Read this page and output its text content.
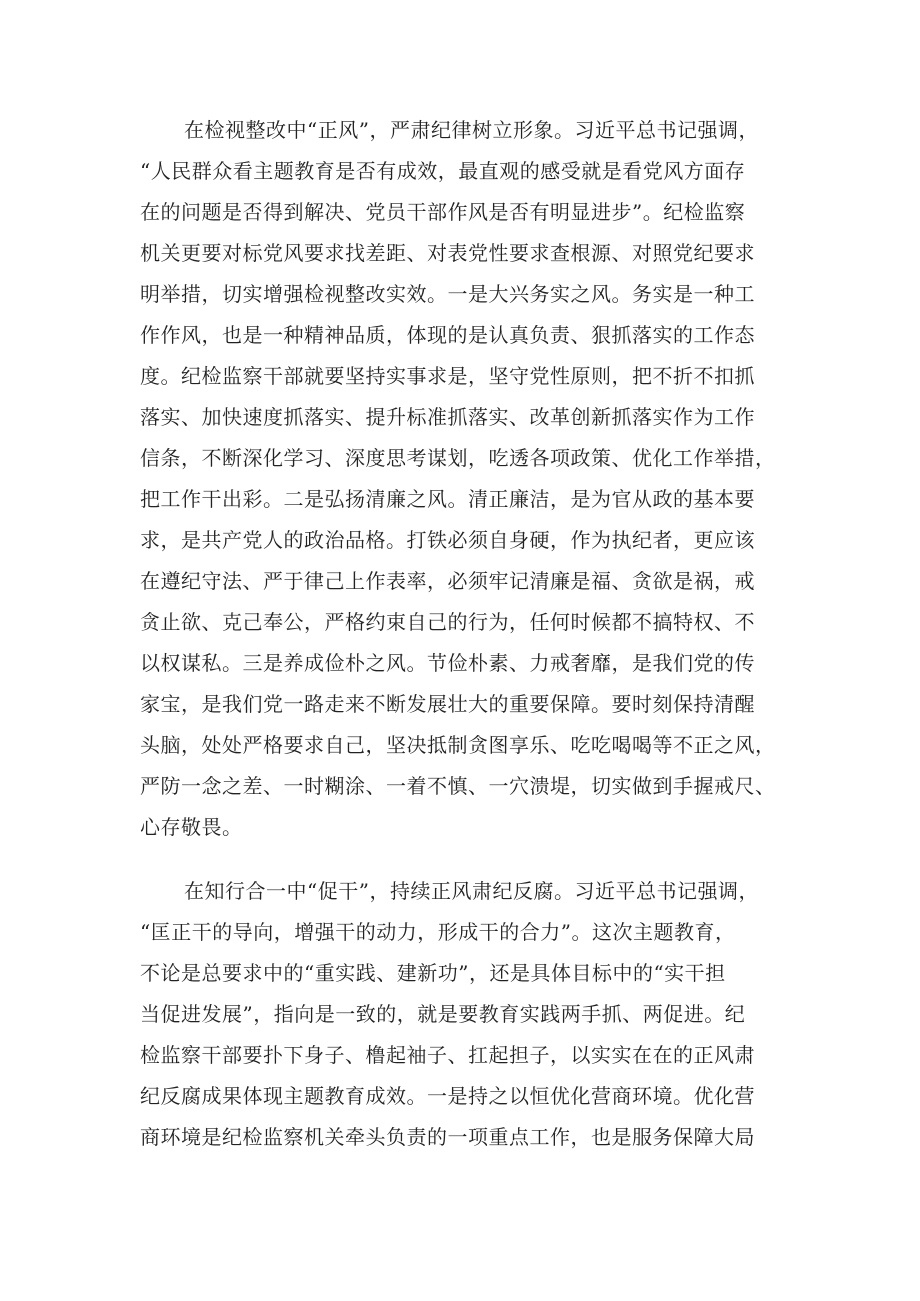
在检视整改中“正风”，严肃纪律树立形象。习近平总书记强调，
“人民群众看主题教育是否有成效，最直观的感受就是看党风方面存
在的问题是否得到解决、党员干部作风是否有明显进步”。纪检监察
机关更要对标党风要求找差距、对表党性要求查根源、对照党纪要求
明举措，切实增强检视整改实效。一是大兴务实之风。务实是一种工
作作风，也是一种精神品质，体现的是认真负责、狠抓落实的工作态
度。纪检监察干部就要坚持实事求是，坚守党性原则，把不折不扣抓
落实、加快速度抓落实、提升标准抓落实、改革创新抓落实作为工作
信条，不断深化学习、深度思考谋划，吃透各项政策、优化工作举措，
把工作干出彩。二是弘扬清廉之风。清正廉洁，是为官从政的基本要
求，是共产党人的政治品格。打铁必须自身硬，作为执纪者，更应该
在遵纪守法、严于律己上作表率，必须牢记清廉是福、贪欲是祸，戒
贪止欲、克己奉公，严格约束自己的行为，任何时候都不搞特权、不
以权谋私。三是养成俭朴之风。节俭朴素、力戒奢靡，是我们党的传
家宝，是我们党一路走来不断发展壮大的重要保障。要时刻保持清醒
头脑，处处严格要求自己，坚决抵制贪图享乐、吃吃喝喝等不正之风，
严防一念之差、一时糊涂、一着不慎、一穴溃堤，切实做到手握戒尺、
心存敬畏。
在知行合一中“促干”，持续正风肃纪反腐。习近平总书记强调，
“匡正干的导向，增强干的动力，形成干的合力”。这次主题教育，
不论是总要求中的“重实践、建新功”，还是具体目标中的“实干担
当促进发展”，指向是一致的，就是要教育实践两手抓、两促进。纪
检监察干部要扑下身子、橹起袖子、扛起担子，以实实在在的正风肃
纪反腐成果体现主题教育成效。一是持之以恒优化营商环境。优化营
商环境是纪检监察机关牵头负责的一项重点工作，也是服务保障大局
